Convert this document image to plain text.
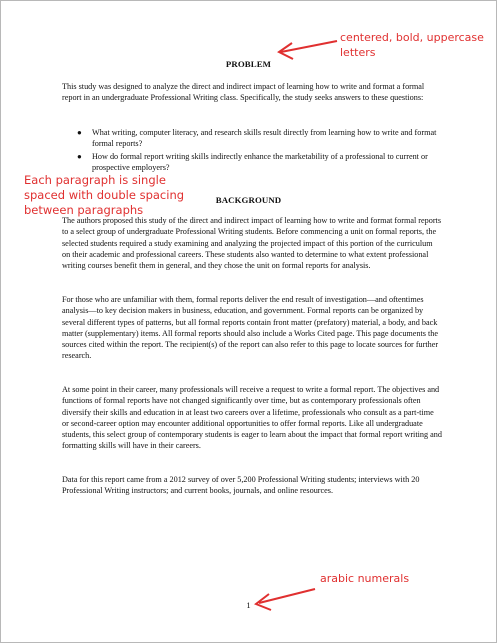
PROBLEM

This study was designed to analyze the direct and indirect impact of learning how to write and format a formal report in an undergraduate Professional Writing class. Specifically, the study seeks answers to these questions:

● What writing, computer literacy, and research skills result directly from learning how to write and format formal reports?
● How do formal report writing skills indirectly enhance the marketability of a professional to current or prospective employers?
BACKGROUND

The authors proposed this study of the direct and indirect impact of learning how to write and format formal reports to a select group of undergraduate Professional Writing students. Before commencing a unit on formal reports, the selected students required a study examining and analyzing the projected impact of this portion of the curriculum on their academic and professional careers. These students also wanted to determine to what extent professional writing courses benefit them in general, and they chose the unit on formal reports for analysis.

For those who are unfamiliar with them, formal reports deliver the end result of investigation—and oftentimes analysis—to key decision makers in business, education, and government. Formal reports can be organized by several different types of patterns, but all formal reports contain front matter (prefatory) material, a body, and back matter (supplementary) items. All formal reports should also include a Works Cited page. This page documents the sources cited within the report. The recipient(s) of the report can also refer to this page to locate sources for further research.

At some point in their career, many professionals will receive a request to write a formal report. The objectives and functions of formal reports have not changed significantly over time, but as contemporary professionals often diversify their skills and education in at least two careers over a lifetime, professionals who consult as a part-time or second-career option may encounter additional opportunities to offer formal reports. Like all undergraduate students, this select group of contemporary students is eager to learn about the impact that formal report writing and formatting skills will have in their careers.

Data for this report came from a 2012 survey of over 5,200 Professional Writing students; interviews with 20 Professional Writing instructors; and current books, journals, and online resources.

1
centered, bold, uppercase
letters
Each paragraph is single
spaced with double spacing
between paragraphs
arabic numerals
